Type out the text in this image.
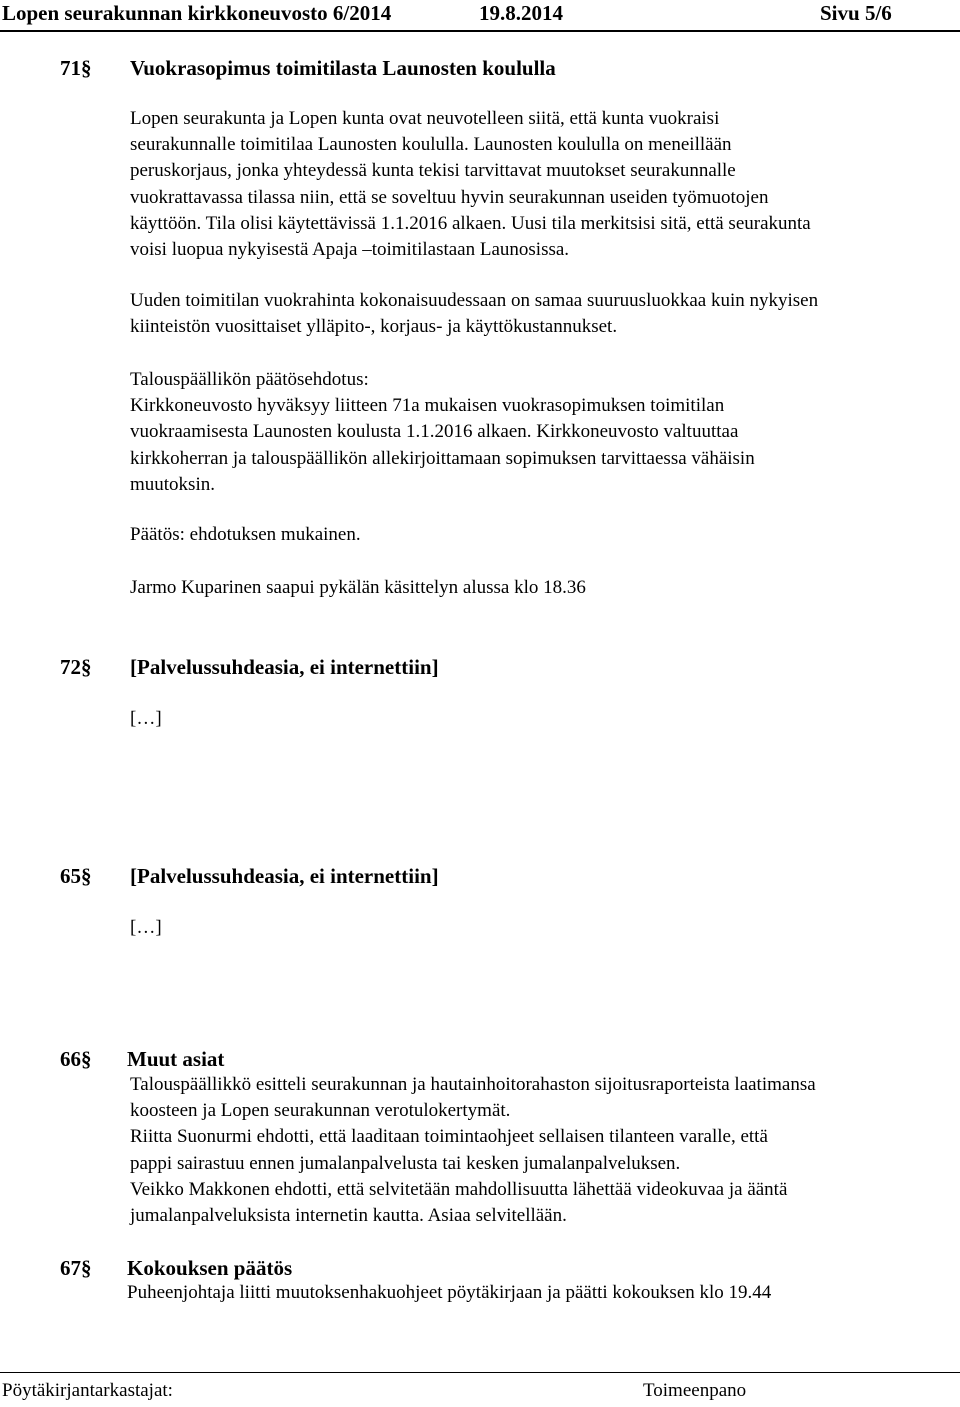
Lopen seurakunnan kirkkoneuvosto 6/2014	19.8.2014	Sivu 5/6
71§ Vuokrasopimus toimitilasta Launosten koululla
Lopen seurakunta ja Lopen kunta ovat neuvotelleen siitä, että kunta vuokraisi
seurakunnalle toimitilaa Launosten koululla. Launosten koululla on meneillään
peruskorjaus, jonka yhteydessä kunta tekisi tarvittavat muutokset seurakunnalle
vuokrattavassa tilassa niin, että se soveltuu hyvin seurakunnan useiden työmuotojen
käyttöön. Tila olisi käytettävissä 1.1.2016 alkaen. Uusi tila merkitsisi sitä, että seurakunta
voisi luopua nykyisestä Apaja –toimitilastaan Launosissa.
Uuden toimitilan vuokrahinta kokonaisuudessaan on samaa suuruusluokkaa kuin nykyisen
kiinteistön vuosittaiset ylläpito-, korjaus- ja käyttökustannukset.
Talouspäällikön päätösehdotus:
Kirkkoneuvosto hyväksyy liitteen 71a mukaisen vuokrasopimuksen toimitilan
vuokraamisesta Launosten koulusta 1.1.2016 alkaen. Kirkkoneuvosto valtuuttaa
kirkkoherran ja talouspäällikön allekirjoittamaan sopimuksen tarvittaessa vähäisin
muutoksin.
Päätös: ehdotuksen mukainen.
Jarmo Kuparinen saapui pykälän käsittelyn alussa klo 18.36
72§ [Palvelussuhdeasia, ei internettiin]
[…]
65§ [Palvelussuhdeasia, ei internettiin]
[…]
66§ Muut asiat
Talouspäällikkö esitteli seurakunnan ja hautainhoitorahaston sijoitusraporteista laatimansa
koosteen ja Lopen seurakunnan verotulokertymät.
Riitta Suonurmi ehdotti, että laaditaan toimintaohjeet sellaisen tilanteen varalle, että
pappi sairastuu ennen jumalanpalvelusta tai kesken jumalanpalveluksen.
Veikko Makkonen ehdotti, että selvitetään mahdollisuutta lähettää videokuvaa ja ääntä
jumalanpalveluksista internetin kautta. Asiaa selvitellään.
67§ Kokouksen päätös
Puheenjohtaja liitti muutoksenhakuohjeet pöytäkirjaan ja päätti kokouksen klo 19.44
Pöytäkirjantarkastajat:	Toimeenpano
